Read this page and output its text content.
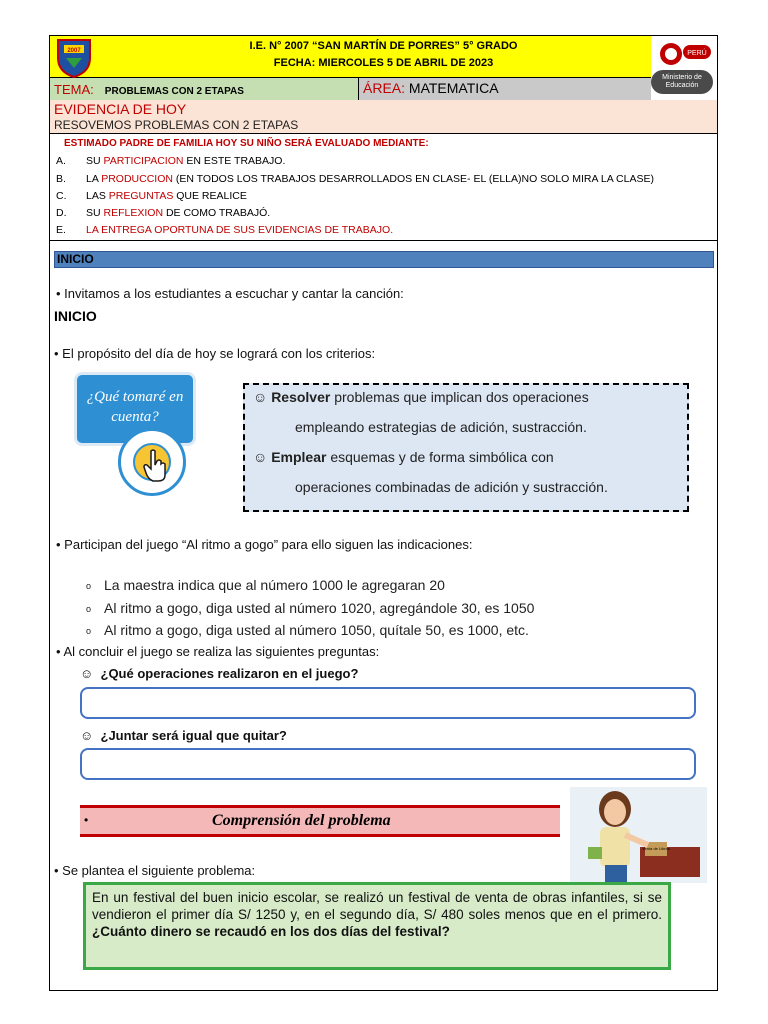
2007	I.E. N° 2007 “SAN MARTÍN DE PORRES” 5° GRADO
FECHA: MIERCOLES 5 DE ABRIL DE 2023
PERÚ
Ministerio de Educación
TEMA: PROBLEMAS CON 2 ETAPAS	ÁREA: MATEMATICA
EVIDENCIA DE HOY
RESOVEMOS PROBLEMAS CON 2 ETAPAS
ESTIMADO PADRE DE FAMILIA HOY SU NIÑO SERÁ EVALUADO MEDIANTE:
A. SU PARTICIPACION EN ESTE TRABAJO.
B. LA PRODUCCION (EN TODOS LOS TRABAJOS DESARROLLADOS EN CLASE- EL (ELLA)NO SOLO MIRA LA CLASE)
C. LAS PREGUNTAS QUE REALICE
D. SU REFLEXION DE COMO TRABAJÓ.
E. LA ENTREGA OPORTUNA DE SUS EVIDENCIAS DE TRABAJO.
INICIO
• Invitamos a los estudiantes a escuchar y cantar la canción:
INICIO
• El propósito del día de hoy se logrará con los criterios:
¿Qué tomaré en cuenta?
☺ Resolver problemas que implican dos operaciones
empleando estrategias de adición, sustracción.
☺ Emplear esquemas y de forma simbólica con
operaciones combinadas de adición y sustracción.
• Participan del juego “Al ritmo a gogo” para ello siguen las indicaciones:
o La maestra indica que al número 1000 le agregaran 20
o Al ritmo a gogo, diga usted al número 1020, agregándole 30, es 1050
o Al ritmo a gogo, diga usted al número 1050, quítale 50, es 1000, etc.
• Al concluir el juego se realiza las siguientes preguntas:
☺  ¿Qué operaciones realizaron en el juego?
☺  ¿Juntar será igual que quitar?
•	Comprensión del problema
Venta de Libros
• Se plantea el siguiente problema:
En un festival del buen inicio escolar, se realizó un festival de venta de obras infantiles, si se vendieron el primer día S/ 1250 y, en el segundo día, S/ 480 soles menos que en el primero. ¿Cuánto dinero se recaudó en los dos días del festival?
